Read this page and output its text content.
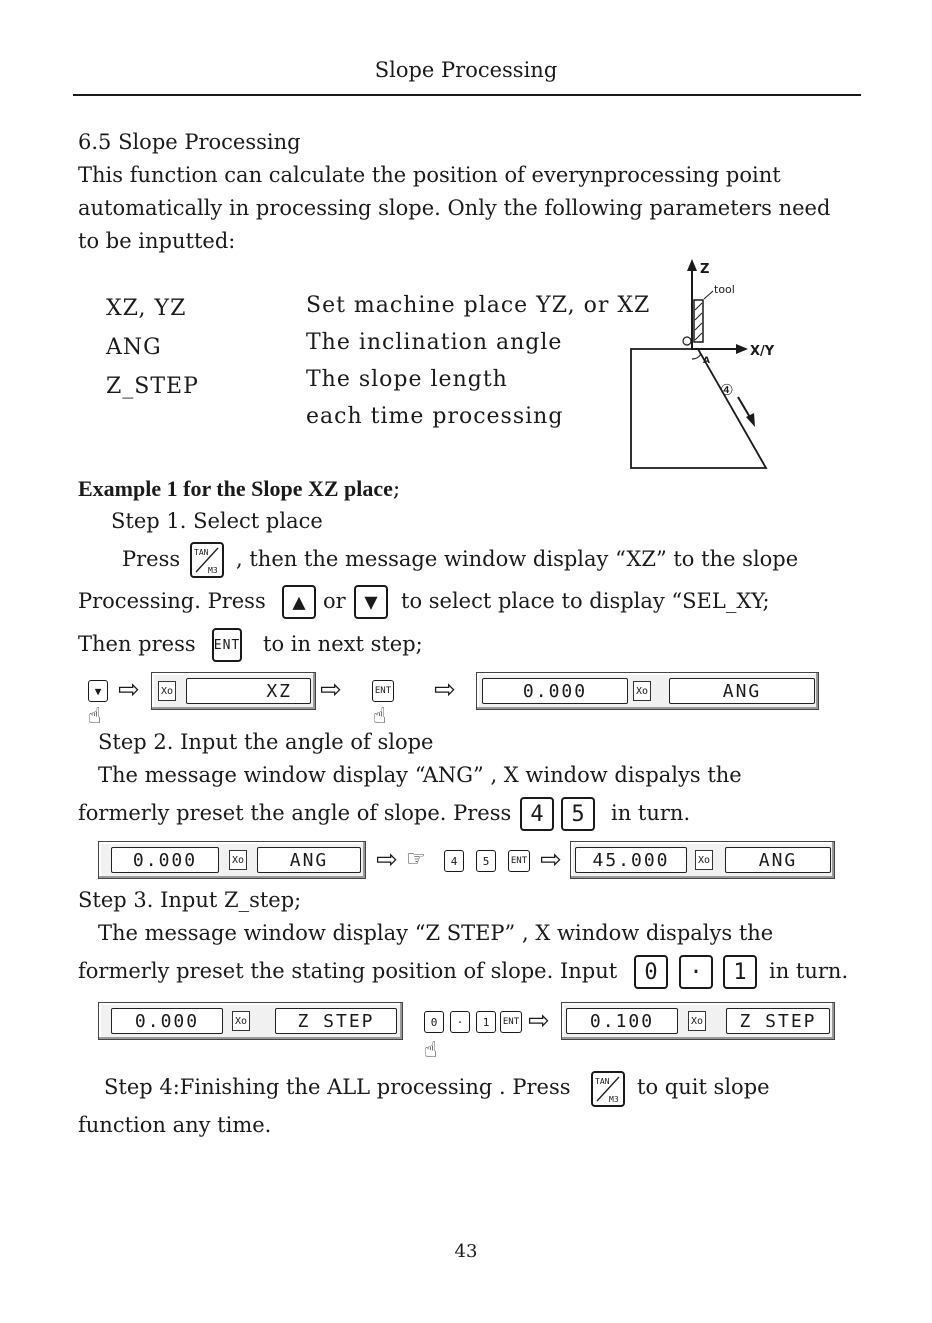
Slope Processing
6.5 Slope Processing
This function can calculate the position of everynprocessing point
automatically in processing slope. Only the following parameters need
to be inputted:
XZ, YZ	Set machine place YZ, or XZ
ANG	The inclination angle
Z_STEP	The slope length
each time processing
Z
tool
X/Y
A
④
Example 1 for the Slope XZ place;
Step 1. Select place
Press TAN
M3 , then the message window display “XZ” to the slope
Processing. Press	▲ or ▼	to select place to display “SEL_XY;
Then press ENT to in next step;
▼ ⇨ Xo	XZ	⇨	ENT
☝	☝
⇨	0.000	Xo	ANG
Step 2. Input the angle of slope
The message window display “ANG” , X window dispalys the
formerly preset the angle of slope. Press 4	5	in turn.
0.000	Xo	ANG	⇨ ☞	4	5	ENT ⇨	45.000	Xo	ANG
Step 3. Input Z_step;
The message window display “Z STEP” , X window dispalys the
formerly preset the stating position of slope. Input	0	·	1	in turn.
0.000	Xo	Z STEP	0	·	1	ENT ⇨
☝
0.100	Xo	Z STEP
Step 4:Finishing the ALL processing . Press	TAN
M3
to quit slope
function any time.
43
